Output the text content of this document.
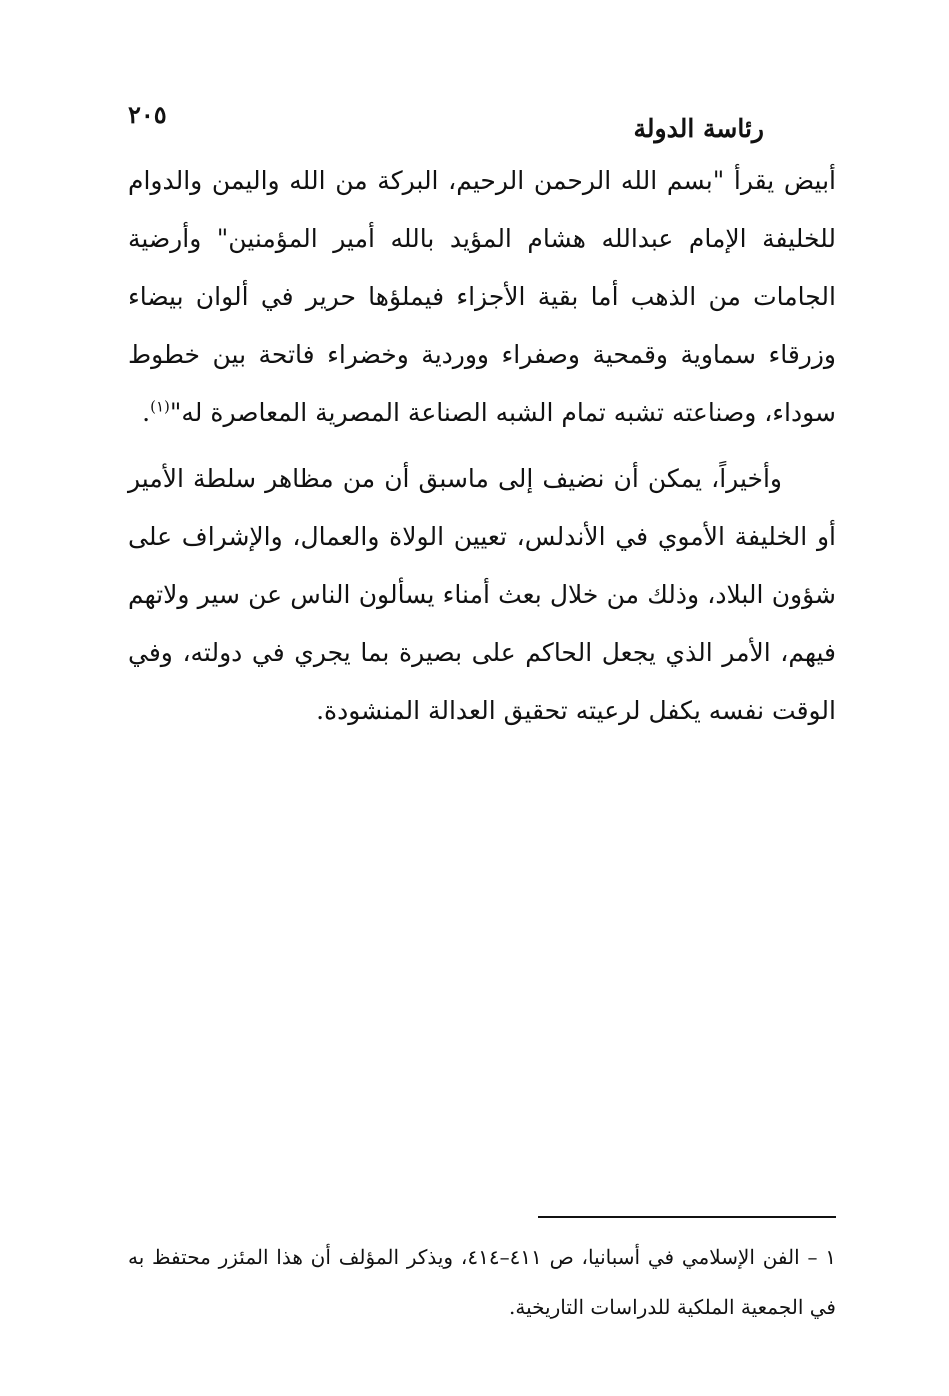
٢٠٥	رئاسة الدولة

أبيض يقرأ "بسم الله الرحمن الرحيم، البركة من الله واليمن والدوام للخليفة الإمام عبدالله هشام المؤيد بالله أمير المؤمنين" وأرضية الجامات من الذهب أما بقية الأجزاء فيملؤها حرير في ألوان بيضاء وزرقاء سماوية وقمحية وصفراء ووردية وخضراء فاتحة بين خطوط سوداء، وصناعته تشبه تمام الشبه الصناعة المصرية المعاصرة له"$^{(١)}$.

وأخيراً، يمكن أن نضيف إلى ماسبق أن من مظاهر سلطة الأمير أو الخليفة الأموي في الأندلس، تعيين الولاة والعمال، والإشراف على شؤون البلاد، وذلك من خلال بعث أمناء يسألون الناس عن سير ولاتهم فيهم، الأمر الذي يجعل الحاكم على بصيرة بما يجري في دولته، وفي الوقت نفسه يكفل لرعيته تحقيق العدالة المنشودة.

١ – الفن الإسلامي في أسبانيا، ص ٤١١–٤١٤، ويذكر المؤلف أن هذا المئزر محتفظ به في الجمعية الملكية للدراسات التاريخية.
